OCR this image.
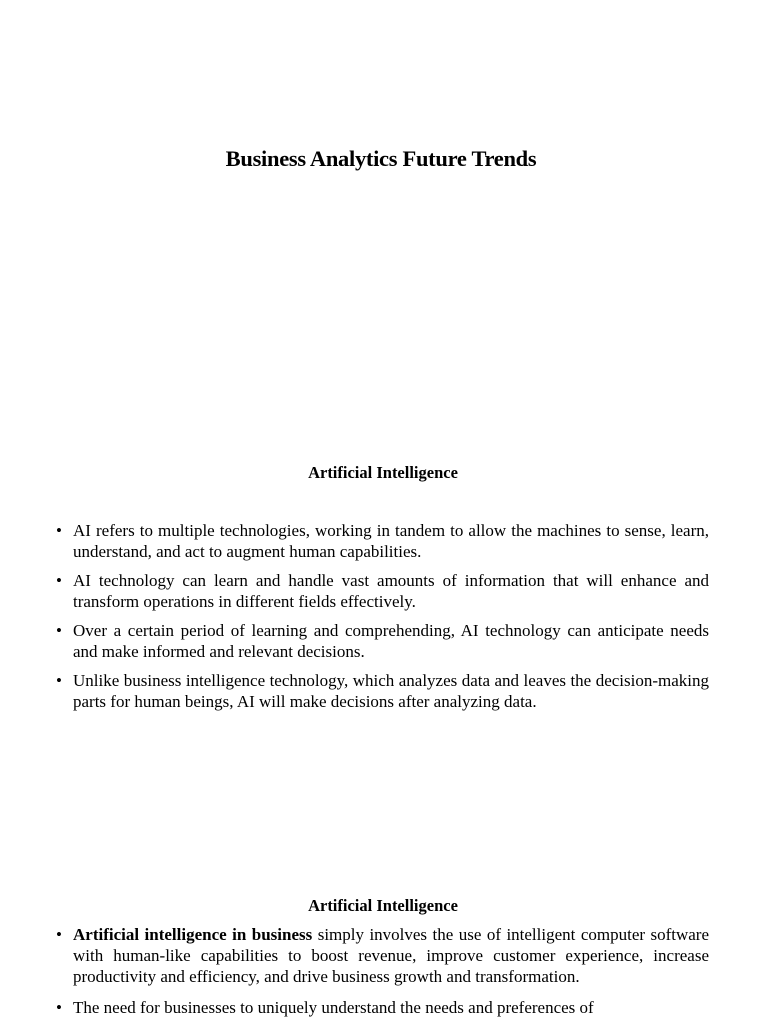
Business Analytics Future Trends
Artificial Intelligence
• AI refers to multiple technologies, working in tandem to allow the machines to sense, learn, understand, and act to augment human capabilities.
• AI technology can learn and handle vast amounts of information that will enhance and transform operations in different fields effectively.
• Over a certain period of learning and comprehending, AI technology can anticipate needs and make informed and relevant decisions.
• Unlike business intelligence technology, which analyzes data and leaves the decision-making parts for human beings, AI will make decisions after analyzing data.
Artificial Intelligence
• Artificial intelligence in business simply involves the use of intelligent computer software with human-like capabilities to boost revenue, improve customer experience, increase productivity and efficiency, and drive business growth and transformation.
• The need for businesses to uniquely understand the needs and preferences of
